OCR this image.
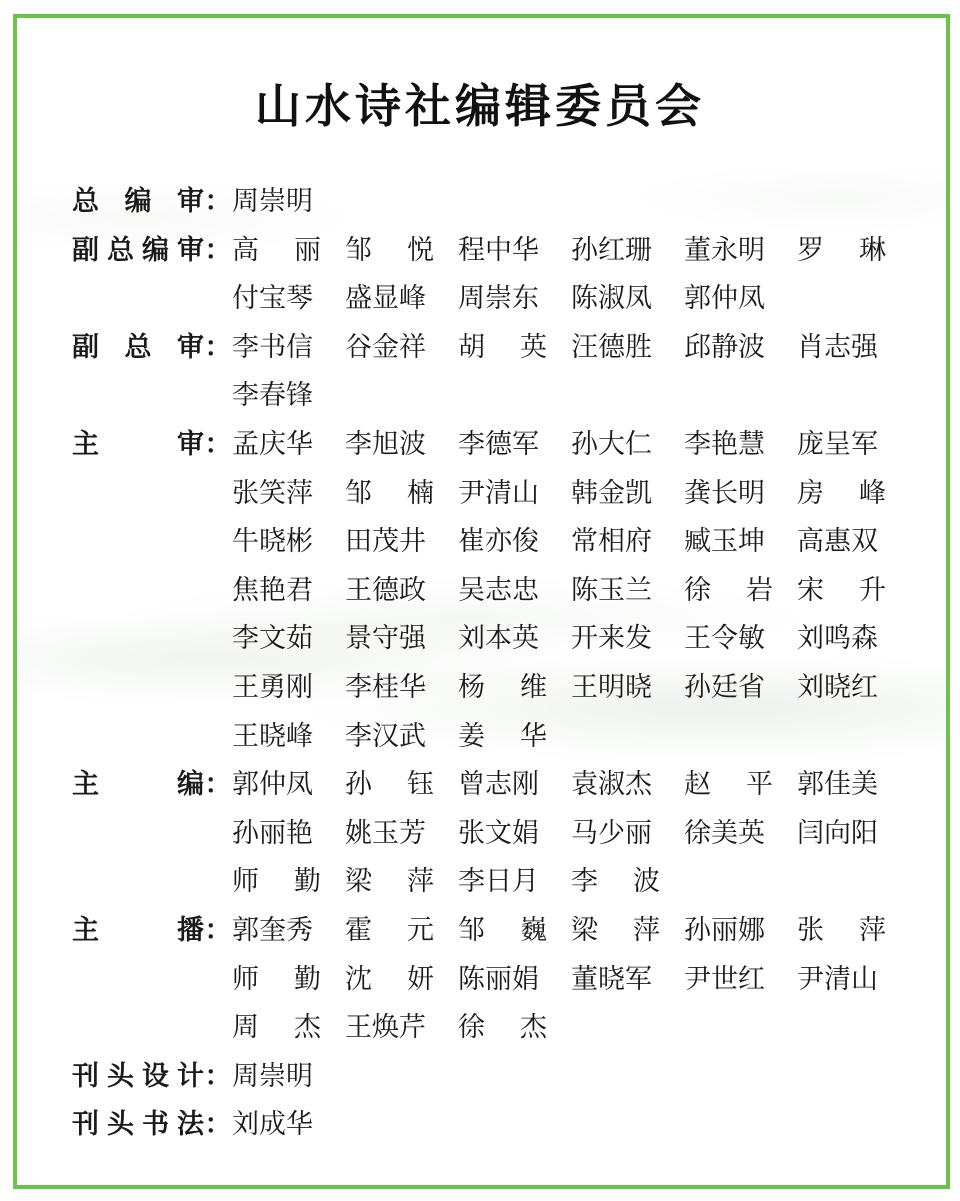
山水诗社编辑委员会
总 编 审 ： 周崇明
副 总 编 审 ： 高 丽 邹 悦 程中华 孙红珊 董永明 罗 琳
付宝琴 盛显峰 周崇东 陈淑凤 郭仲凤
副 总 审 ： 李书信 谷金祥 胡 英 汪德胜 邱静波 肖志强
李春锋
主	审 ： 孟庆华 李旭波 李德军 孙大仁 李艳慧 庞呈军
张笑萍 邹 楠 尹清山 韩金凯 龚长明 房 峰
牛晓彬 田茂井 崔亦俊 常相府 臧玉坤 高惠双
焦艳君 王德政 吴志忠 陈玉兰 徐 岩 宋 升
李文茹 景守强 刘本英 开来发 王令敏 刘鸣森
王勇刚 李桂华 杨 维 王明晓 孙廷省 刘晓红
王晓峰 李汉武 姜 华
主	编 ： 郭仲凤 孙 钰 曾志刚 袁淑杰 赵 平 郭佳美
孙丽艳 姚玉芳 张文娟 马少丽 徐美英 闫向阳
师 勤 梁 萍 李日月 李 波
主	播 ： 郭奎秀 霍 元 邹 巍 梁 萍 孙丽娜 张 萍
师 勤 沈 妍 陈丽娟 董晓军 尹世红 尹清山
周 杰 王焕芹 徐 杰
刊 头 设 计 ： 周崇明
刊 头 书 法 ： 刘成华
